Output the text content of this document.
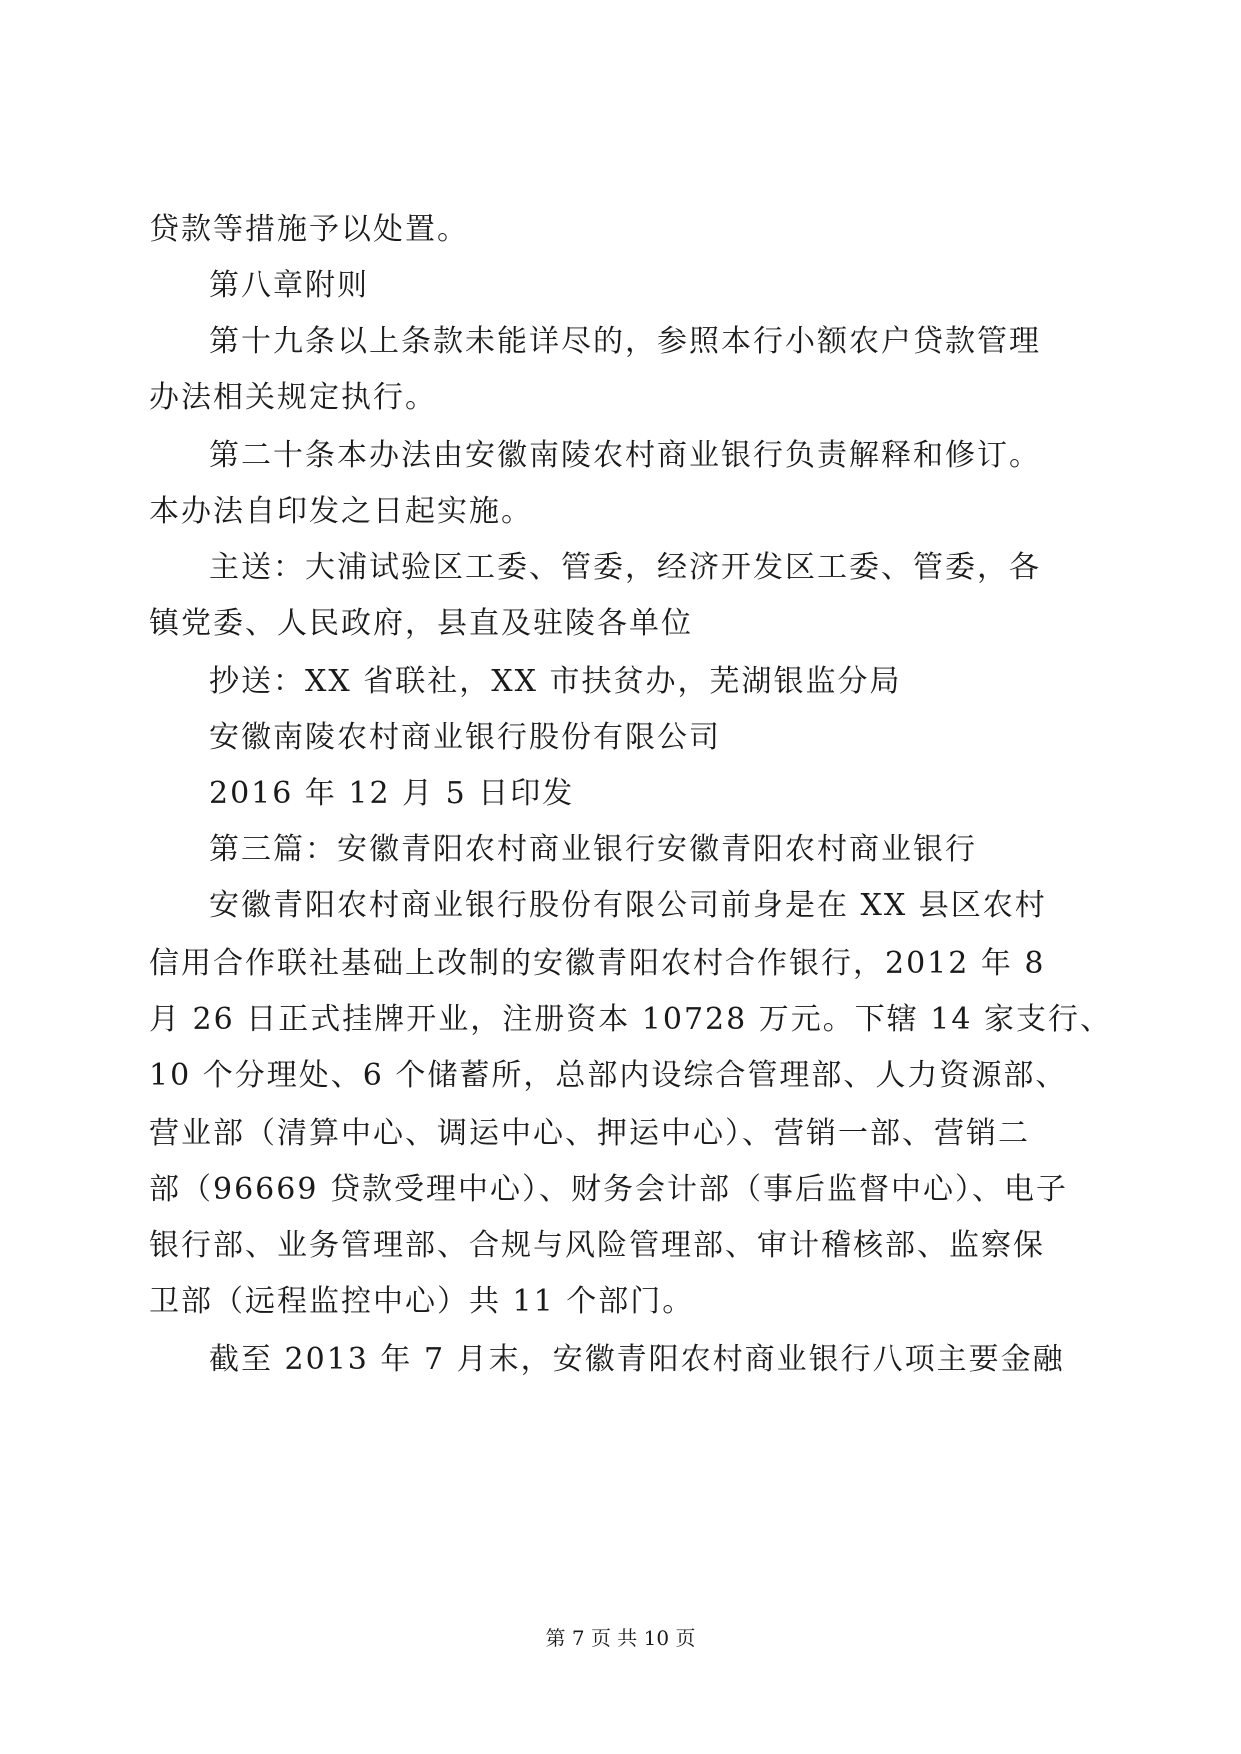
贷款等措施予以处置。
第八章附则
第十九条以上条款未能详尽的，参照本行小额农户贷款管理
办法相关规定执行。
第二十条本办法由安徽南陵农村商业银行负责解释和修订。
本办法自印发之日起实施。
主送：大浦试验区工委、管委，经济开发区工委、管委，各
镇党委、人民政府，县直及驻陵各单位
抄送：XX 省联社，XX 市扶贫办，芜湖银监分局
安徽南陵农村商业银行股份有限公司
2016 年 12 月 5 日印发
第三篇：安徽青阳农村商业银行安徽青阳农村商业银行
安徽青阳农村商业银行股份有限公司前身是在 XX 县区农村
信用合作联社基础上改制的安徽青阳农村合作银行，2012 年 8
月 26 日正式挂牌开业，注册资本 10728 万元。下辖 14 家支行、
10 个分理处、6 个储蓄所，总部内设综合管理部、人力资源部、
营业部（清算中心、调运中心、押运中心）、营销一部、营销二
部（96669 贷款受理中心）、财务会计部（事后监督中心）、电子
银行部、业务管理部、合规与风险管理部、审计稽核部、监察保
卫部（远程监控中心）共 11 个部门。
截至 2013 年 7 月末，安徽青阳农村商业银行八项主要金融
第 7 页 共 10 页
